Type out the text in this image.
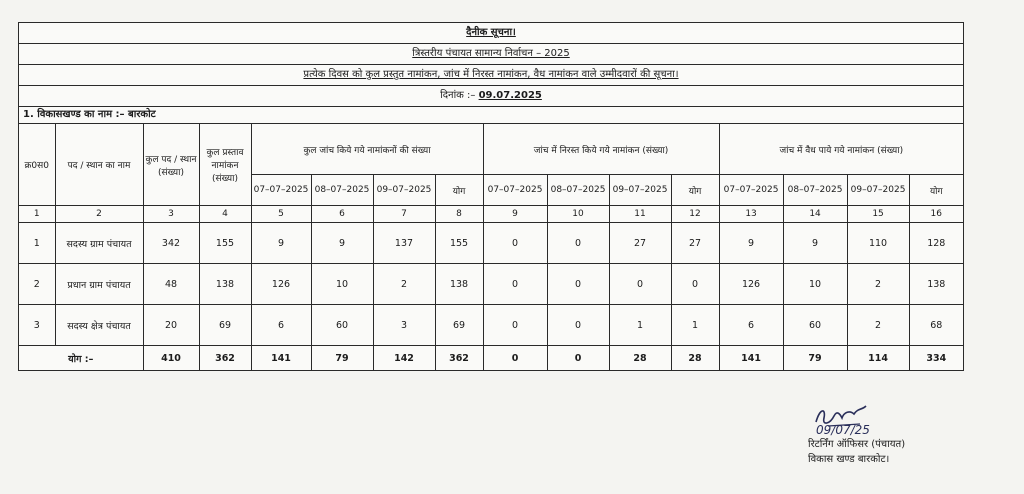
दैनीक सूचना।
त्रिस्तरीय पंचायत सामान्य निर्वाचन – 2025
प्रत्येक दिवस को कुल प्रस्तुत नामांकन, जांच में निरस्त नामांकन, वैध नामांकन वाले उम्मीदवारों की सूचना।
दिनांक :– 09.07.2025
1. विकासखण्ड का नाम :– बारकोट
क्र0स0	पद / स्थान का नाम	कुल पद / स्थान (संख्या)	कुल प्रस्ताव नामांकन (संख्या)	कुल जांच किये गये नामांकनों की संख्या				जांच में निरस्त किये गये नामांकन (संख्या)				जांच में वैध पाये गये नामांकन (संख्या)			
				07–07–2025	08–07–2025	09–07–2025	योग	07–07–2025	08–07–2025	09–07–2025	योग	07–07–2025	08–07–2025	09–07–2025	योग
1	2	3	4	5	6	7	8	9	10	11	12	13	14	15	16
1	सदस्य ग्राम पंचायत	342	155	9	9	137	155	0	0	27	27	9	9	110	128
2	प्रधान ग्राम पंचायत	48	138	126	10	2	138	0	0	0	0	126	10	2	138
3	सदस्य क्षेत्र पंचायत	20	69	6	60	3	69	0	0	1	1	6	60	2	68
योग :–		410	362	141	79	142	362	0	0	28	28	141	79	114	334
09/07/25
रिटर्निंग ऑफिसर (पंचायत)
विकास खण्ड बारकोट।
